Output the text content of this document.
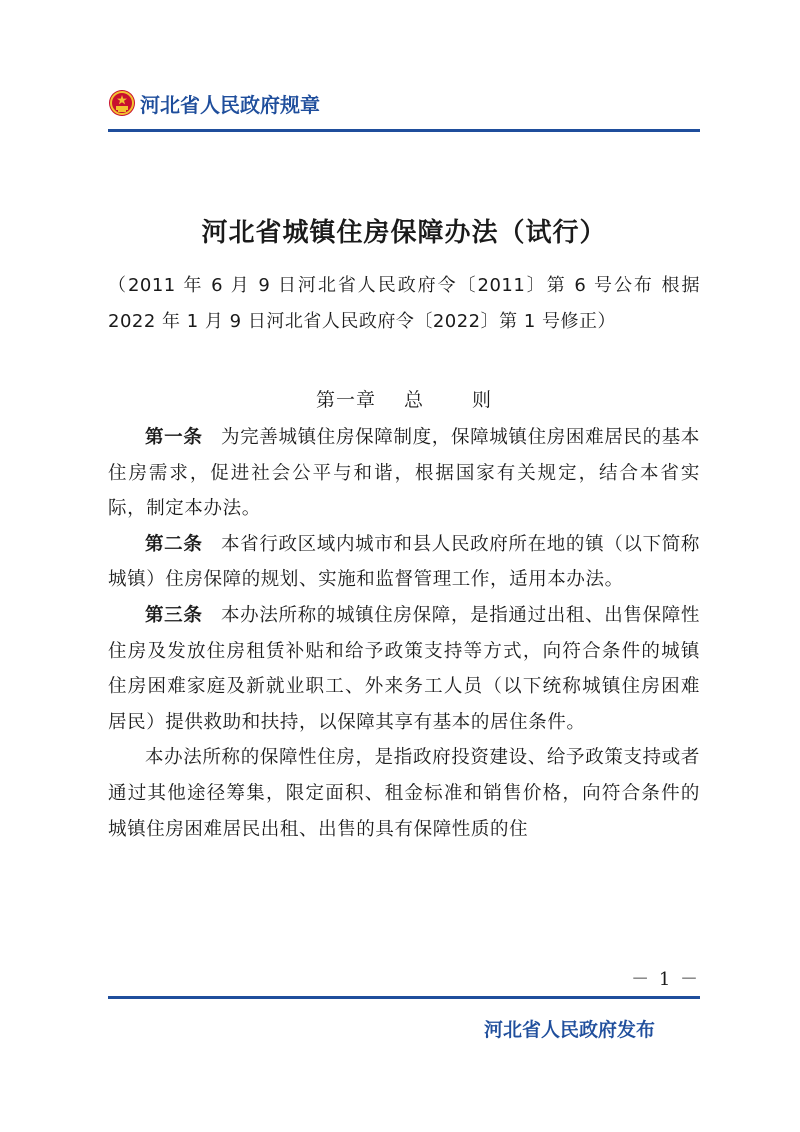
河北省人民政府规章
河北省城镇住房保障办法（试行）
（2011 年 6 月 9 日河北省人民政府令〔2011〕第 6 号公布 根据
2022 年 1 月 9 日河北省人民政府令〔2022〕第 1 号修正）
第一章 总	则

第一条 为完善城镇住房保障制度，保障城镇住房困难居民的基本住房需求，促进社会公平与和谐，根据国家有关规定，结合本省实际，制定本办法。

第二条 本省行政区域内城市和县人民政府所在地的镇（以下简称城镇）住房保障的规划、实施和监督管理工作，适用本办法。

第三条 本办法所称的城镇住房保障，是指通过出租、出售保障性住房及发放住房租赁补贴和给予政策支持等方式，向符合条件的城镇住房困难家庭及新就业职工、外来务工人员（以下统称城镇住房困难居民）提供救助和扶持，以保障其享有基本的居住条件。

本办法所称的保障性住房，是指政府投资建设、给予政策支持或者通过其他途径筹集，限定面积、租金标准和销售价格，向符合条件的城镇住房困难居民出租、出售的具有保障性质的住

－ 1 －
河北省人民政府发布
